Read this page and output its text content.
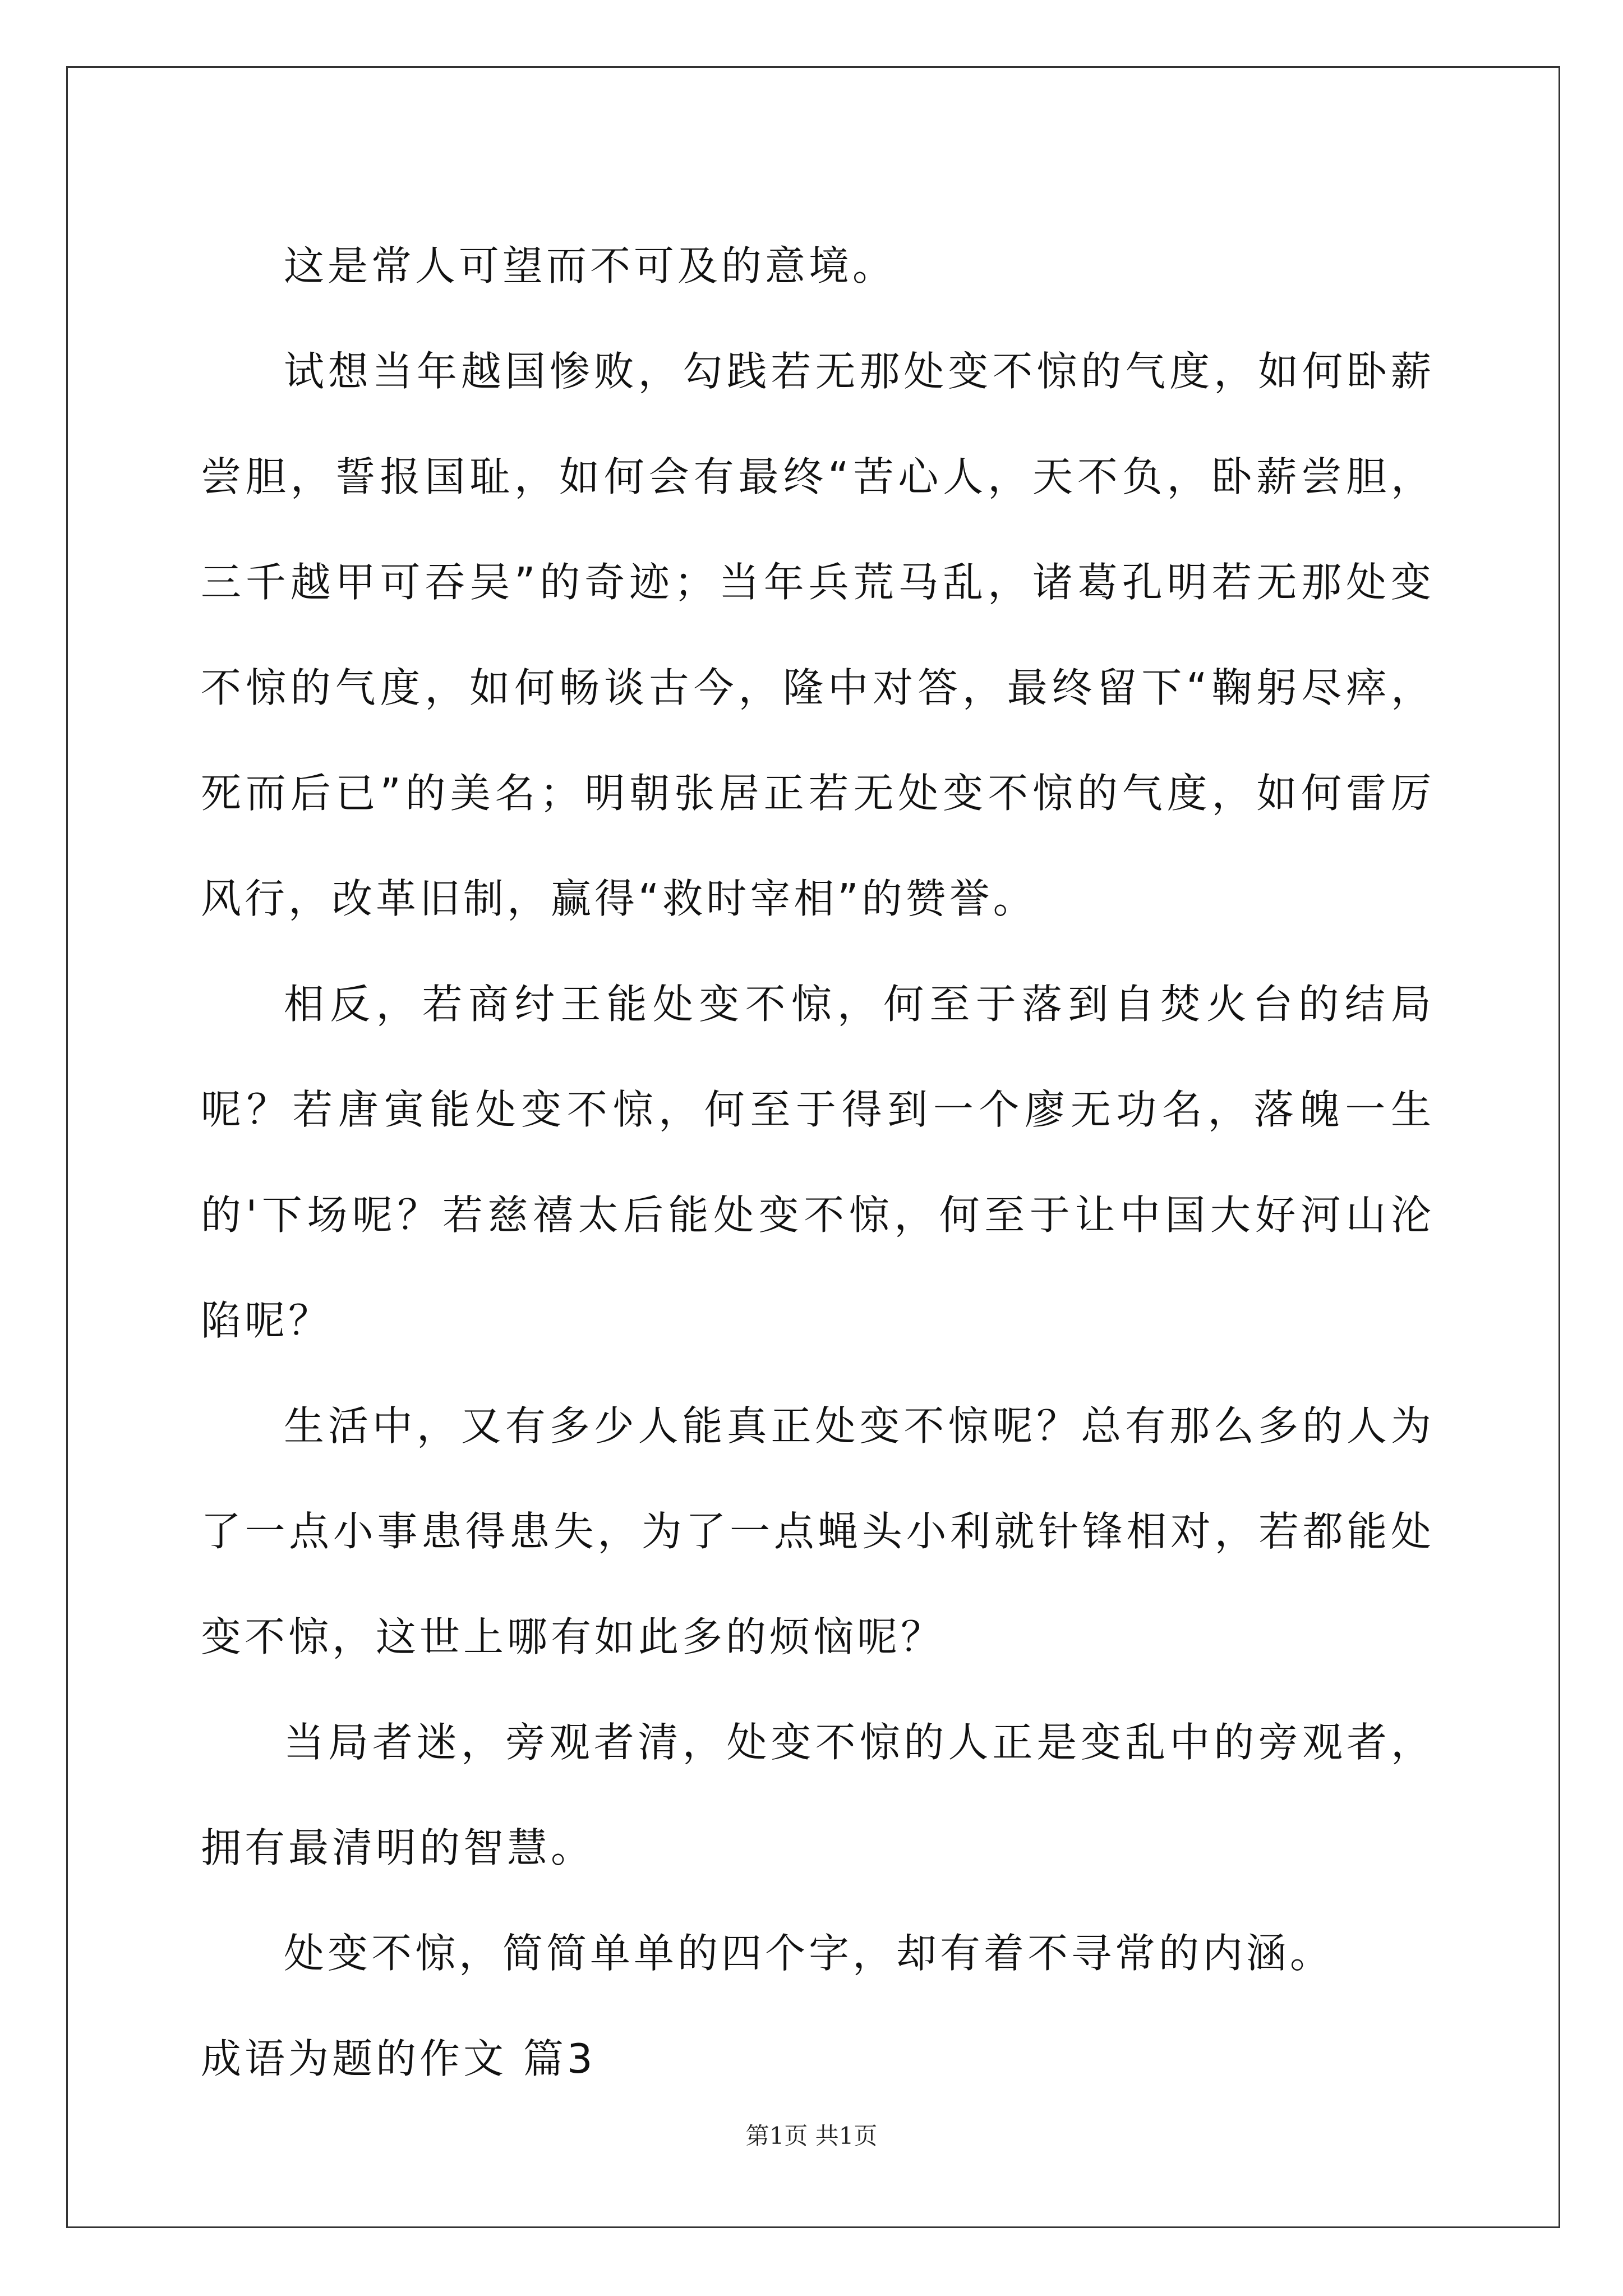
这是常人可望而不可及的意境。

试想当年越国惨败，勾践若无那处变不惊的气度，如何卧薪尝胆，誓报国耻，如何会有最终“苦心人，天不负，卧薪尝胆，三千越甲可吞吴”的奇迹；当年兵荒马乱，诸葛孔明若无那处变不惊的气度，如何畅谈古今，隆中对答，最终留下“鞠躬尽瘁，死而后已”的美名；明朝张居正若无处变不惊的气度，如何雷厉风行，改革旧制，赢得“救时宰相”的赞誉。

相反，若商纣王能处变不惊，何至于落到自焚火台的结局呢？若唐寅能处变不惊，何至于得到一个廖无功名，落魄一生的'下场呢？若慈禧太后能处变不惊，何至于让中国大好河山沦陷呢？

生活中，又有多少人能真正处变不惊呢？总有那么多的人为了一点小事患得患失，为了一点蝇头小利就针锋相对，若都能处变不惊，这世上哪有如此多的烦恼呢？

当局者迷，旁观者清，处变不惊的人正是变乱中的旁观者，拥有最清明的智慧。

处变不惊，简简单单的四个字，却有着不寻常的内涵。

成语为题的作文 篇3

第1页 共1页
